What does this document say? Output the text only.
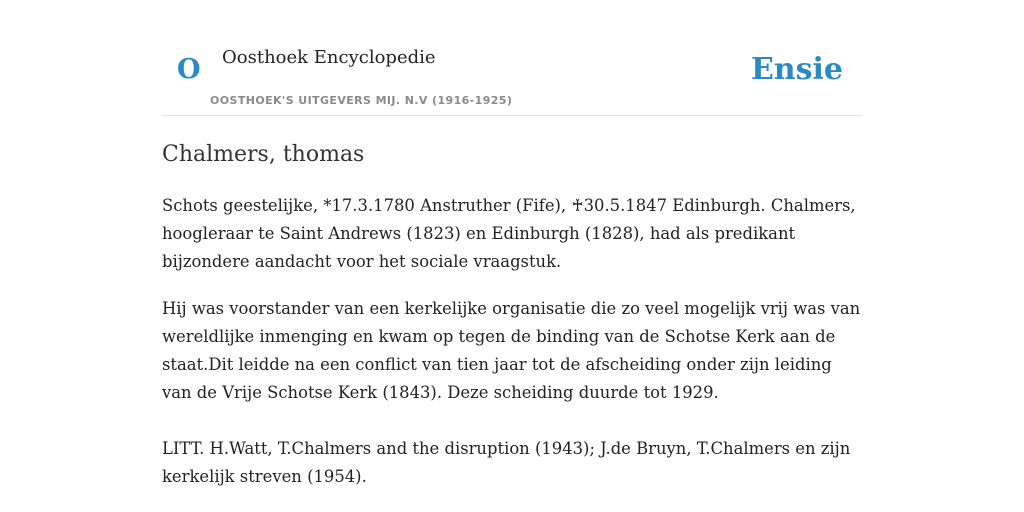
O Oosthoek Encyclopedie
OOSTHOEK'S UITGEVERS MIJ. N.V (1916-1925)
Ensie
Chalmers, thomas

Schots geestelijke, *17.3.1780 Anstruther (Fife), ♰30.5.1847 Edinburgh. Chalmers, hoogleraar te Saint Andrews (1823) en Edinburgh (1828), had als predikant bijzondere aandacht voor het sociale vraagstuk.

Hij was voorstander van een kerkelijke organisatie die zo veel mogelijk vrij was van wereldlijke inmenging en kwam op tegen de binding van de Schotse Kerk aan de staat.Dit leidde na een conflict van tien jaar tot de afscheiding onder zijn leiding van de Vrije Schotse Kerk (1843). Deze scheiding duurde tot 1929.

LITT. H.Watt, T.Chalmers and the disruption (1943); J.de Bruyn, T.Chalmers en zijn kerkelijk streven (1954).
